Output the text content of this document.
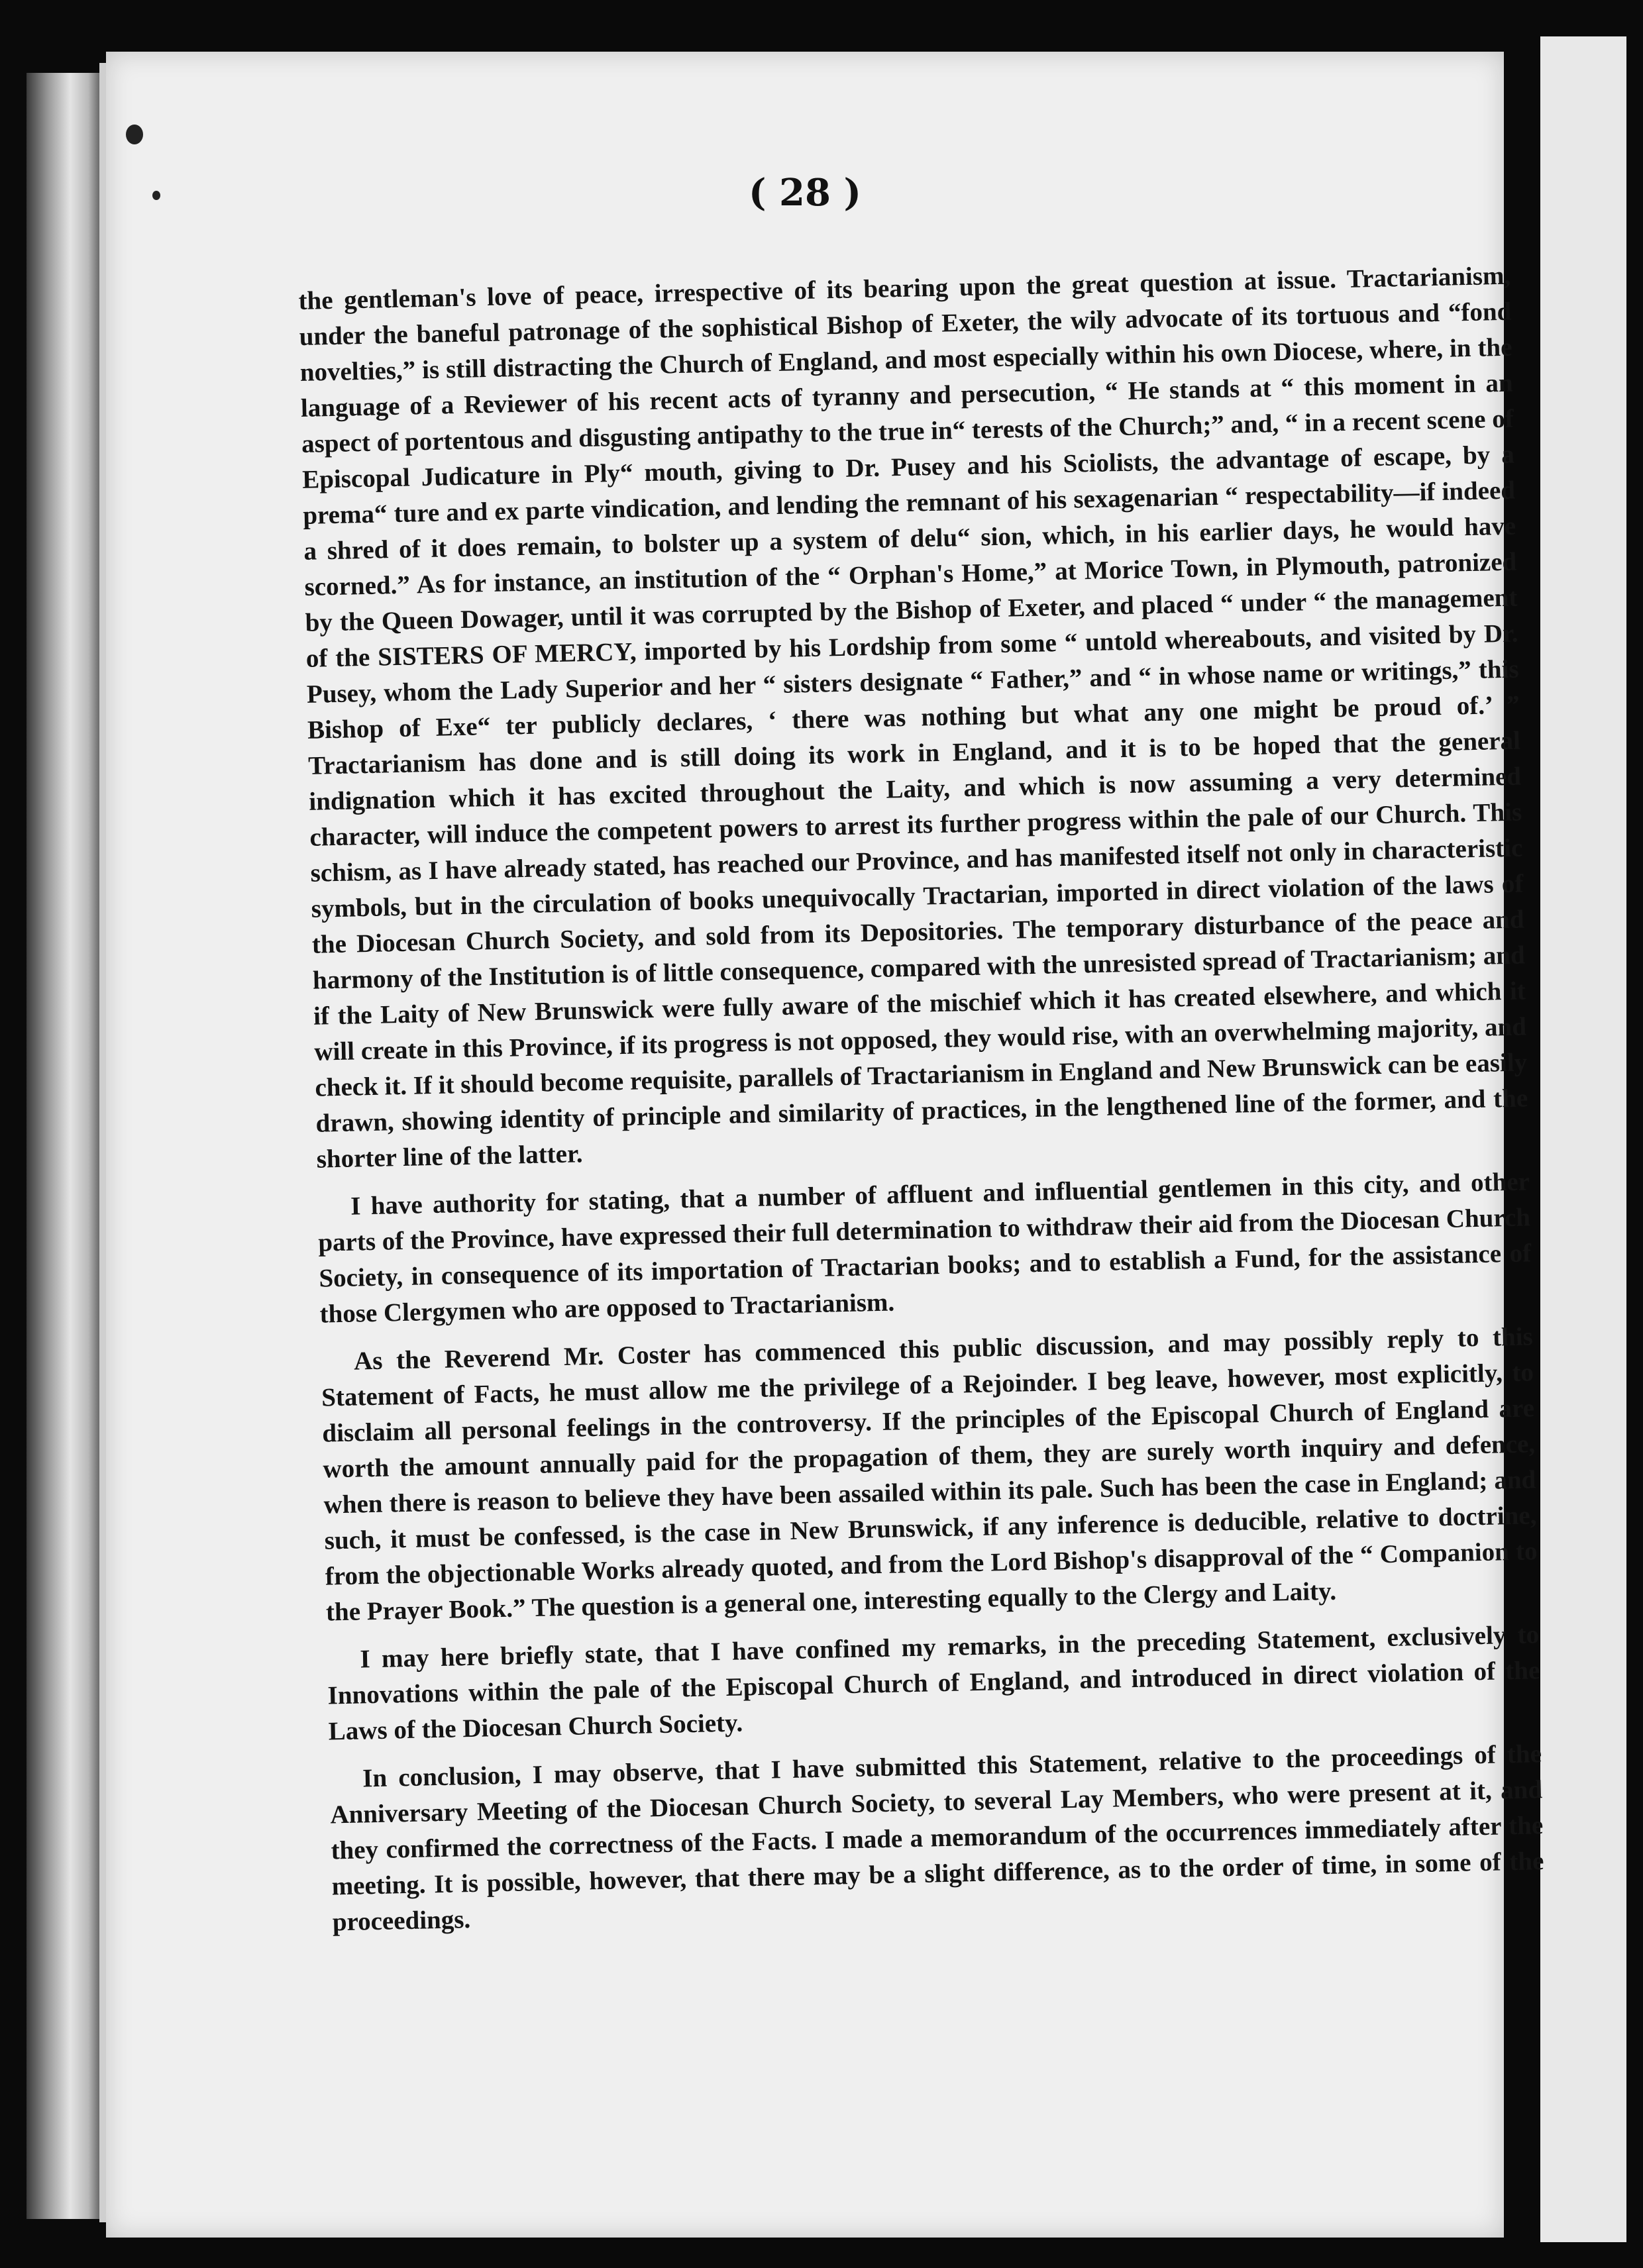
( 28 )

the gentleman's love of peace, irrespective of its bearing upon the great question at issue. Tractarianism, under the baneful patronage of the sophistical Bishop of Exeter, the wily advocate of its tortuous and “fond novelties,” is still distracting the Church of England, and most especially within his own Diocese, where, in the language of a Reviewer of his recent acts of tyranny and persecution, “ He stands at “ this moment in an aspect of portentous and disgusting antipathy to the true in“ terests of the Church;” and, “ in a recent scene of Episcopal Judicature in Ply“ mouth, giving to Dr. Pusey and his Sciolists, the advantage of escape, by a prema“ ture and ex parte vindication, and lending the remnant of his sexagenarian “ respectability—if indeed a shred of it does remain, to bolster up a system of delu“ sion, which, in his earlier days, he would have scorned.” As for instance, an institution of the “ Orphan's Home,” at Morice Town, in Plymouth, patronized by the Queen Dowager, until it was corrupted by the Bishop of Exeter, and placed “ under “ the management of the SISTERS OF MERCY, imported by his Lordship from some “ untold whereabouts, and visited by Dr. Pusey, whom the Lady Superior and her “ sisters designate “ Father,” and “ in whose name or writings,” this Bishop of Exe“ ter publicly declares, ‘ there was nothing but what any one might be proud of.’ ” Tractarianism has done and is still doing its work in England, and it is to be hoped that the general indignation which it has excited throughout the Laity, and which is now assuming a very determined character, will induce the competent powers to arrest its further progress within the pale of our Church. This schism, as I have already stated, has reached our Province, and has manifested itself not only in characteristic symbols, but in the circulation of books unequivocally Tractarian, imported in direct violation of the laws of the Diocesan Church Society, and sold from its Depositories. The temporary disturbance of the peace and harmony of the Institution is of little consequence, compared with the unresisted spread of Tractarianism; and if the Laity of New Brunswick were fully aware of the mischief which it has created elsewhere, and which it will create in this Province, if its progress is not opposed, they would rise, with an overwhelming majority, and check it. If it should become requisite, parallels of Tractarianism in England and New Brunswick can be easily drawn, showing identity of principle and similarity of practices, in the lengthened line of the former, and the shorter line of the latter.

I have authority for stating, that a number of affluent and influential gentlemen in this city, and other parts of the Province, have expressed their full determination to withdraw their aid from the Diocesan Church Society, in consequence of its importation of Tractarian books; and to establish a Fund, for the assistance of those Clergymen who are opposed to Tractarianism.

As the Reverend Mr. Coster has commenced this public discussion, and may possibly reply to this Statement of Facts, he must allow me the privilege of a Rejoinder. I beg leave, however, most explicitly, to disclaim all personal feelings in the controversy. If the principles of the Episcopal Church of England are worth the amount annually paid for the propagation of them, they are surely worth inquiry and defence, when there is reason to believe they have been assailed within its pale. Such has been the case in England; and such, it must be confessed, is the case in New Brunswick, if any inference is deducible, relative to doctrine, from the objectionable Works already quoted, and from the Lord Bishop's disapproval of the “ Companion to the Prayer Book.” The question is a general one, interesting equally to the Clergy and Laity.

I may here briefly state, that I have confined my remarks, in the preceding Statement, exclusively to Innovations within the pale of the Episcopal Church of England, and introduced in direct violation of the Laws of the Diocesan Church Society.

In conclusion, I may observe, that I have submitted this Statement, relative to the proceedings of the Anniversary Meeting of the Diocesan Church Society, to several Lay Members, who were present at it, and they confirmed the correctness of the Facts. I made a memorandum of the occurrences immediately after the meeting. It is possible, however, that there may be a slight difference, as to the order of time, in some of the proceedings.
